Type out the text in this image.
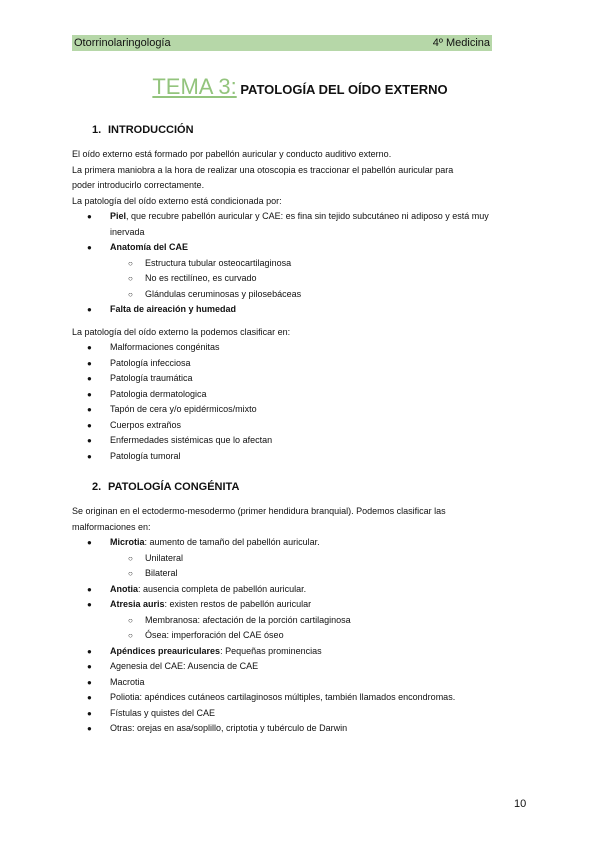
Otorrinolaringología	4º Medicina
TEMA 3: PATOLOGÍA DEL OÍDO EXTERNO
1. INTRODUCCIÓN
El oído externo está formado por pabellón auricular y conducto auditivo externo.
La primera maniobra a la hora de realizar una otoscopia es traccionar el pabellón auricular para
poder introducirlo correctamente.
La patología del oído externo está condicionada por:
● Piel, que recubre pabellón auricular y CAE: es fina sin tejido subcutáneo ni adiposo y está muy inervada
● Anatomía del CAE
○ Estructura tubular osteocartilaginosa
○ No es rectilíneo, es curvado
○ Glándulas ceruminosas y pilosebáceas
● Falta de aireación y humedad
La patología del oído externo la podemos clasificar en:
● Malformaciones congénitas
● Patología infecciosa
● Patología traumática
● Patologia dermatologica
● Tapón de cera y/o epidérmicos/mixto
● Cuerpos extraños
● Enfermedades sistémicas que lo afectan
● Patología tumoral
2. PATOLOGÍA CONGÉNITA
Se originan en el ectodermo-mesodermo (primer hendidura branquial). Podemos clasificar las
malformaciones en:
● Microtia: aumento de tamaño del pabellón auricular.
○ Unilateral
○ Bilateral
● Anotia: ausencia completa de pabellón auricular.
● Atresia auris: existen restos de pabellón auricular
○ Membranosa: afectación de la porción cartilaginosa
○ Ósea: imperforación del CAE óseo
● Apéndices preauriculares: Pequeñas prominencias
● Agenesia del CAE: Ausencia de CAE
● Macrotia
● Poliotia: apéndices cutáneos cartilaginosos múltiples, también llamados encondromas.
● Fístulas y quistes del CAE
● Otras: orejas en asa/soplillo, criptotia y tubérculo de Darwin
10
